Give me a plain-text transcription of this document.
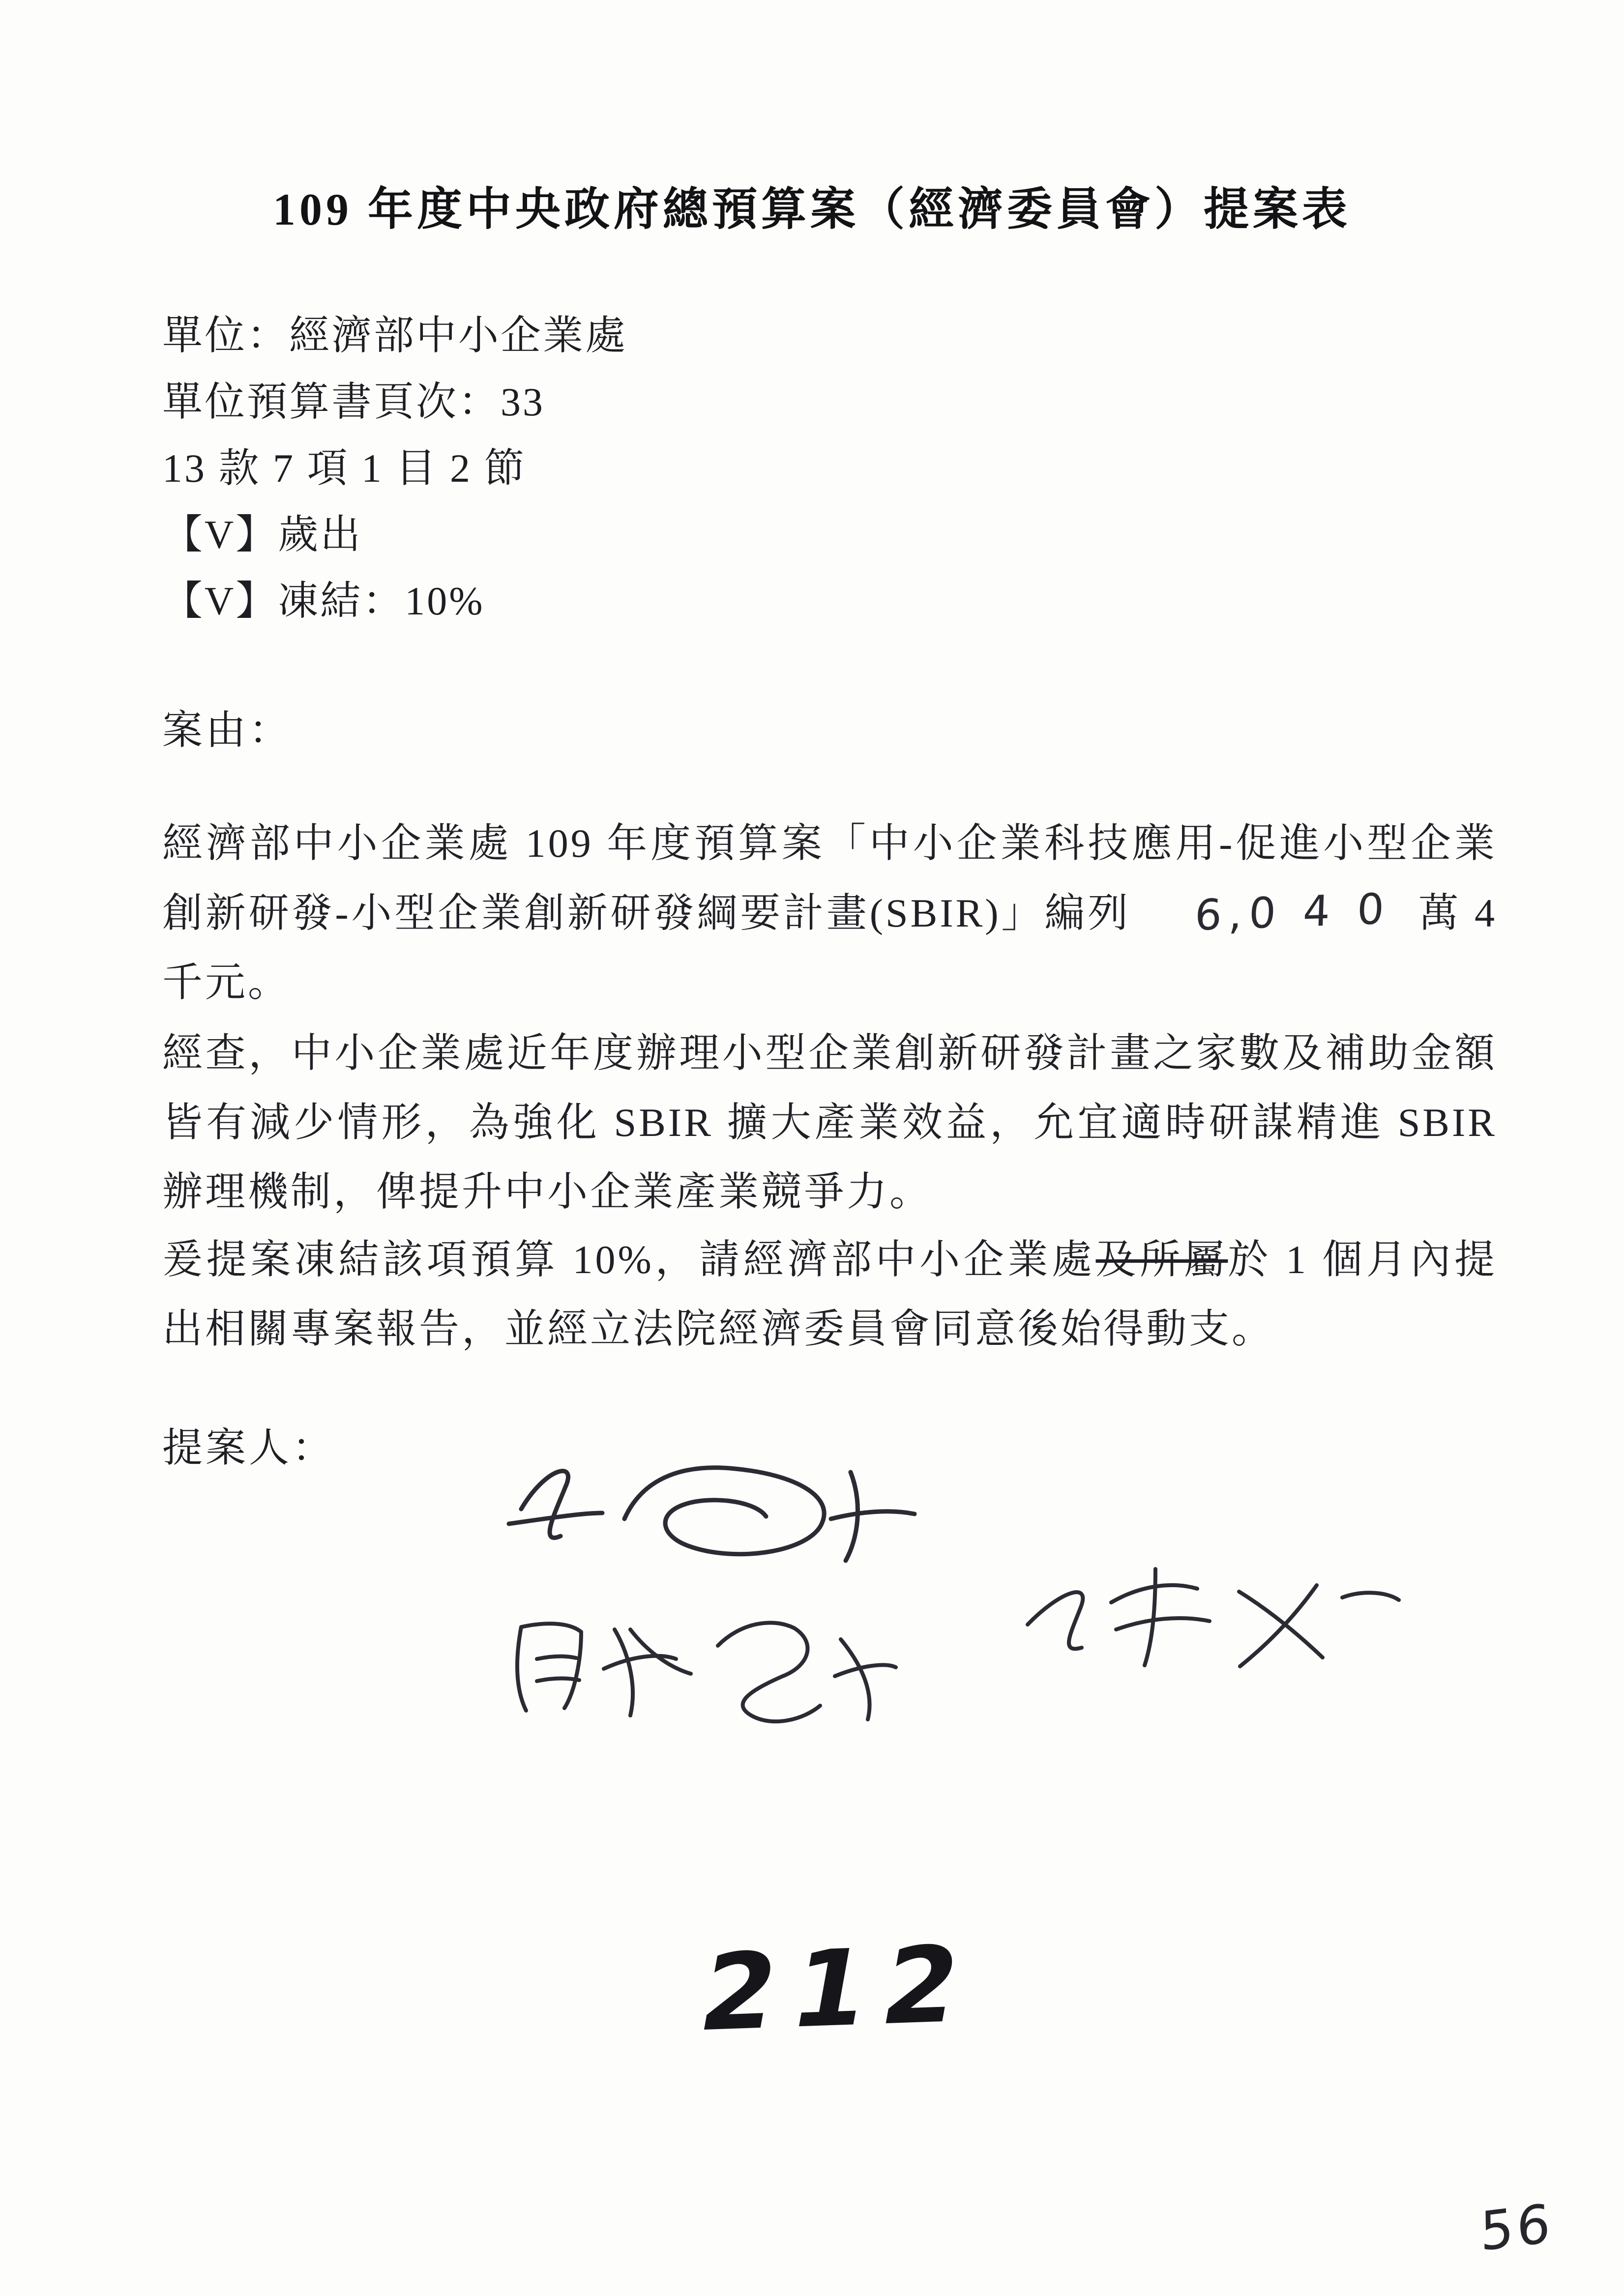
109 年度中央政府總預算案（經濟委員會）提案表
單位：經濟部中小企業處
單位預算書頁次：33
13 款 7 項 1 目 2 節
【V】歲出
【V】凍結：10%
案由：
經濟部中小企業處 109 年度預算案「中小企業科技應用-促進小型企業創新研發-小型企業創新研發綱要計畫(SBIR)」編列 6,0 4 0 萬 4 千元。
經查，中小企業處近年度辦理小型企業創新研發計畫之家數及補助金額皆有減少情形，為強化 SBIR 擴大產業效益，允宜適時研謀精進 SBIR 辦理機制，俾提升中小企業產業競爭力。
爰提案凍結該項預算 10%，請經濟部中小企業處及所屬於 1 個月內提出相關專案報告，並經立法院經濟委員會同意後始得動支。
提案人：
212
56
